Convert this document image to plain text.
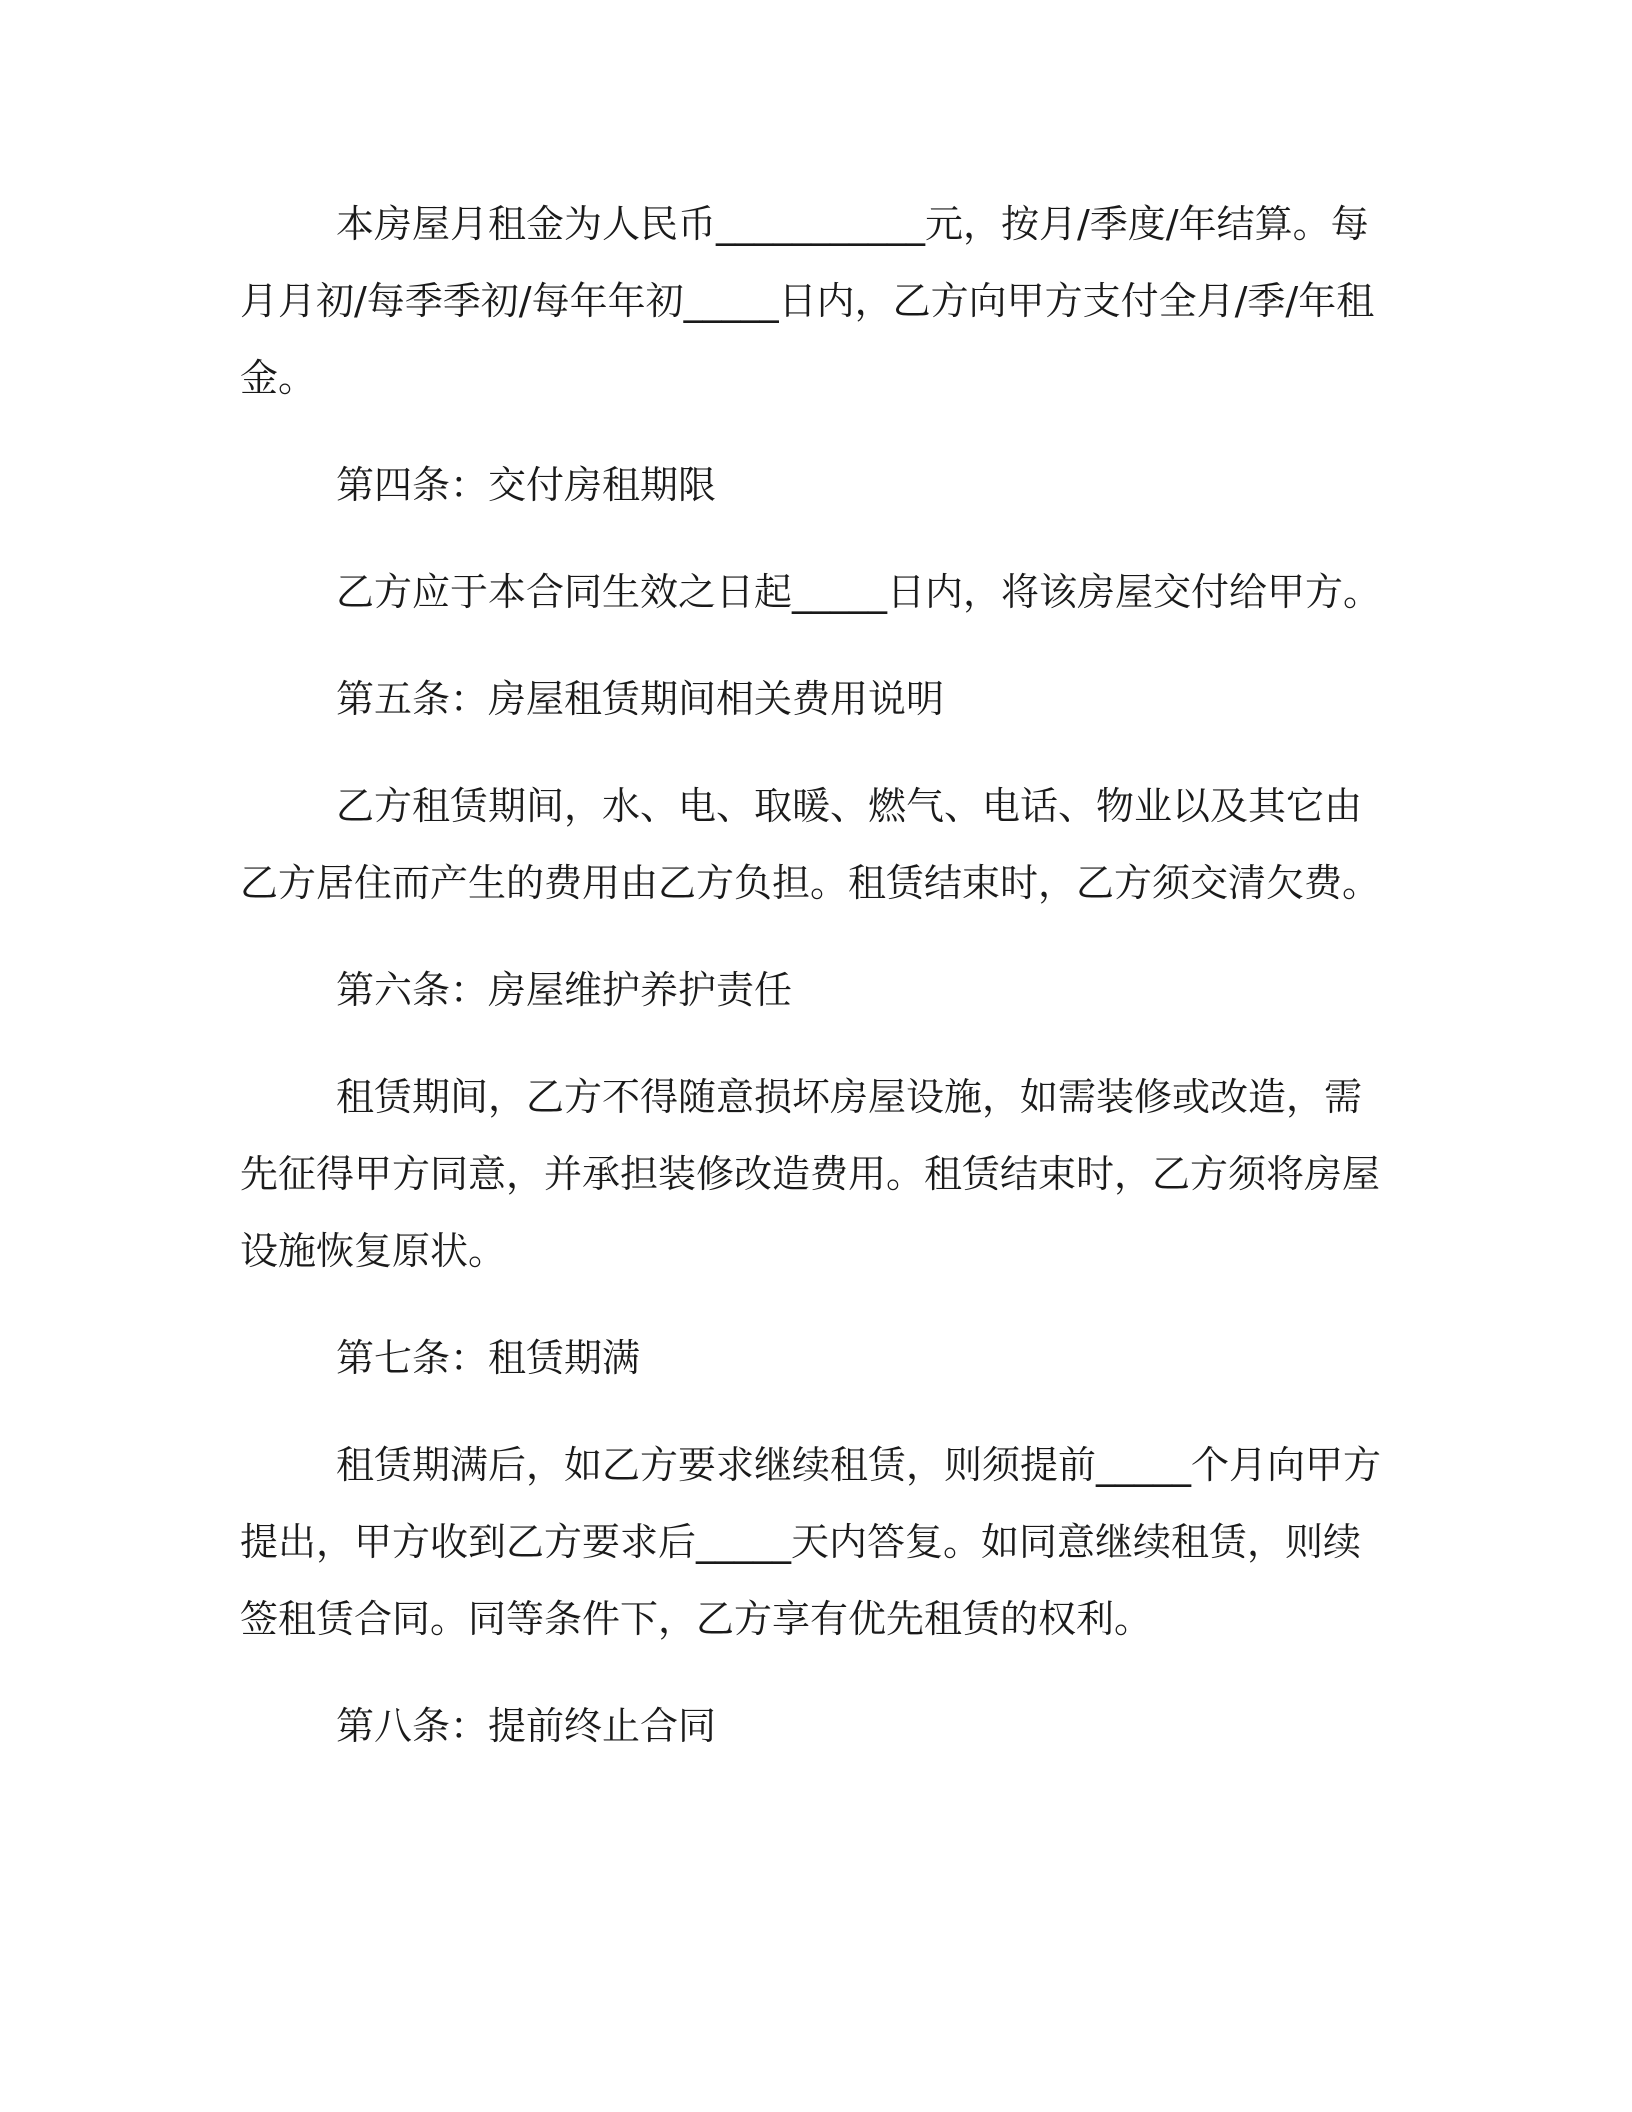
本房屋月租金为人民币___________元，按月/季度/年结算。每月月初/每季季初/每年年初_____日内，乙方向甲方支付全月/季/年租金。

第四条：交付房租期限

乙方应于本合同生效之日起_____日内，将该房屋交付给甲方。

第五条：房屋租赁期间相关费用说明

乙方租赁期间，水、电、取暖、燃气、电话、物业以及其它由乙方居住而产生的费用由乙方负担。租赁结束时，乙方须交清欠费。

第六条：房屋维护养护责任

租赁期间，乙方不得随意损坏房屋设施，如需装修或改造，需先征得甲方同意，并承担装修改造费用。租赁结束时，乙方须将房屋设施恢复原状。

第七条：租赁期满

租赁期满后，如乙方要求继续租赁，则须提前_____个月向甲方提出，甲方收到乙方要求后_____天内答复。如同意继续租赁，则续签租赁合同。同等条件下，乙方享有优先租赁的权利。

第八条：提前终止合同
